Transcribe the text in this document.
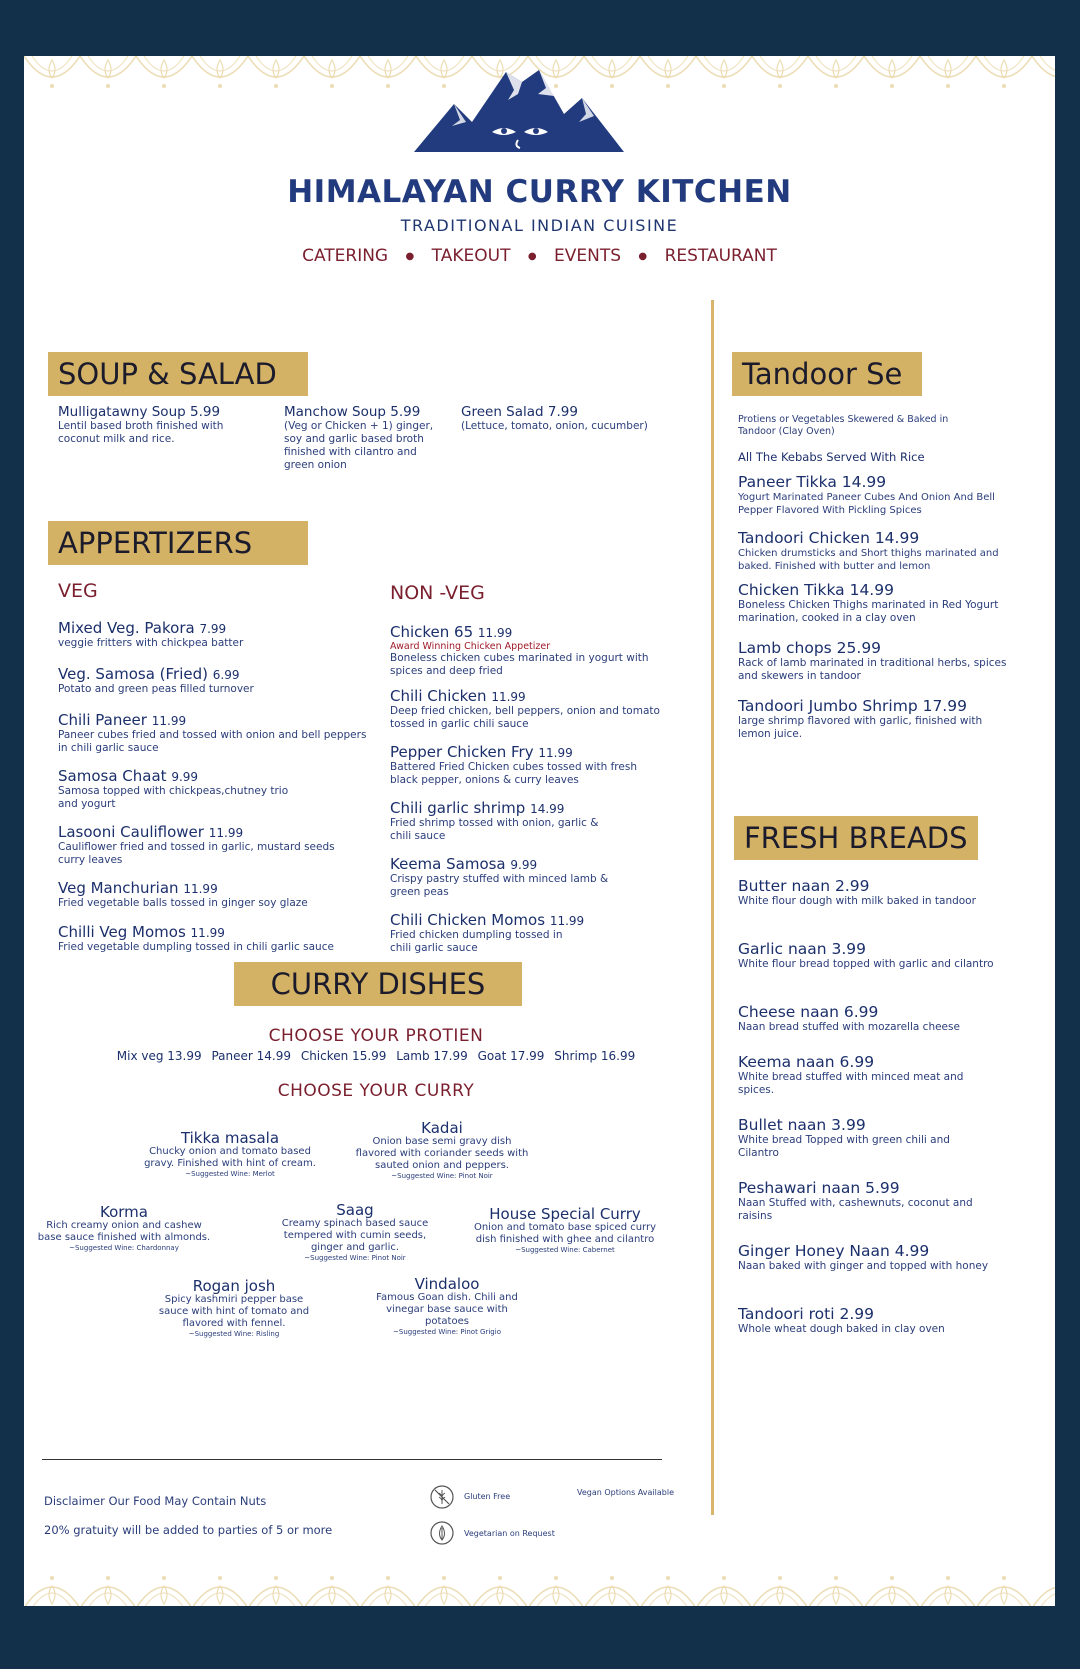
HIMALAYAN CURRY KITCHEN
TRADITIONAL INDIAN CUISINE
CATERING ● TAKEOUT ● EVENTS ● RESTAURANT
SOUP & SALAD
Mulligatawny Soup 5.99
Lentil based broth finished with coconut milk and rice.
Manchow Soup 5.99
(Veg or Chicken + 1) ginger, soy and garlic based broth finished with cilantro and green onion
Green Salad 7.99
(Lettuce, tomato, onion, cucumber)
APPERTIZERS
VEG	NON -VEG
Mixed Veg. Pakora 7.99
veggie fritters with chickpea batter
Veg. Samosa (Fried) 6.99
Potato and green peas filled turnover
Chili Paneer 11.99
Paneer cubes fried and tossed with onion and bell peppers in chili garlic sauce
Samosa Chaat 9.99
Samosa topped with chickpeas,chutney trio and yogurt
Lasooni Cauliflower 11.99
Cauliflower fried and tossed in garlic, mustard seeds curry leaves
Veg Manchurian 11.99
Fried vegetable balls tossed in ginger soy glaze
Chilli Veg Momos 11.99
Fried vegetable dumpling tossed in chili garlic sauce
Chicken 65 11.99
Award Winning Chicken Appetizer
Boneless chicken cubes marinated in yogurt with spices and deep fried
Chili Chicken 11.99
Deep fried chicken, bell peppers, onion and tomato tossed in garlic chili sauce
Pepper Chicken Fry 11.99
Battered Fried Chicken cubes tossed with fresh black pepper, onions & curry leaves
Chili garlic shrimp 14.99
Fried shrimp tossed with onion, garlic & chili sauce
Keema Samosa 9.99
Crispy pastry stuffed with minced lamb & green peas
Chili Chicken Momos 11.99
Fried chicken dumpling tossed in chili garlic sauce
CURRY DISHES
CHOOSE YOUR PROTIEN
Mix veg 13.99 Paneer 14.99 Chicken 15.99 Lamb 17.99 Goat 17.99 Shrimp 16.99
CHOOSE YOUR CURRY
Tikka masala
Chucky onion and tomato based gravy. Finished with hint of cream.
~Suggested Wine: Merlot
Kadai
Onion base semi gravy dish flavored with coriander seeds with sauted onion and peppers.
~Suggested Wine: Pinot Noir
Korma
Rich creamy onion and cashew base sauce finished with almonds.
~Suggested Wine: Chardonnay
Saag
Creamy spinach based sauce tempered with cumin seeds, ginger and garlic.
~Suggested Wine: Pinot Noir
House Special Curry
Onion and tomato base spiced curry dish finished with ghee and cilantro
~Suggested Wine: Cabernet
Rogan josh
Spicy kashmiri pepper base sauce with hint of tomato and flavored with fennel.
~Suggested Wine: Risling
Vindaloo
Famous Goan dish. Chili and vinegar base sauce with potatoes
~Suggested Wine: Pinot Grigio
Disclaimer Our Food May Contain Nuts
20% gratuity will be added to parties of 5 or more
Gluten Free	Vegan Options Available
Vegetarian on Request
Tandoor Se
Protiens or Vegetables Skewered & Baked in Tandoor (Clay Oven)
All The Kebabs Served With Rice
Paneer Tikka 14.99
Yogurt Marinated Paneer Cubes And Onion And Bell Pepper Flavored With Pickling Spices
Tandoori Chicken 14.99
Chicken drumsticks and Short thighs marinated and baked. Finished with butter and lemon
Chicken Tikka 14.99
Boneless Chicken Thighs marinated in Red Yogurt marination, cooked in a clay oven
Lamb chops 25.99
Rack of lamb marinated in traditional herbs, spices and skewers in tandoor
Tandoori Jumbo Shrimp 17.99
large shrimp flavored with garlic, finished with lemon juice.
FRESH BREADS
Butter naan 2.99
White flour dough with milk baked in tandoor
Garlic naan 3.99
White flour bread topped with garlic and cilantro
Cheese naan 6.99
Naan bread stuffed with mozarella cheese
Keema naan 6.99
White bread stuffed with minced meat and spices.
Bullet naan 3.99
White bread Topped with green chili and Cilantro
Peshawari naan 5.99
Naan Stuffed with, cashewnuts, coconut and raisins
Ginger Honey Naan 4.99
Naan baked with ginger and topped with honey
Tandoori roti 2.99
Whole wheat dough baked in clay oven
